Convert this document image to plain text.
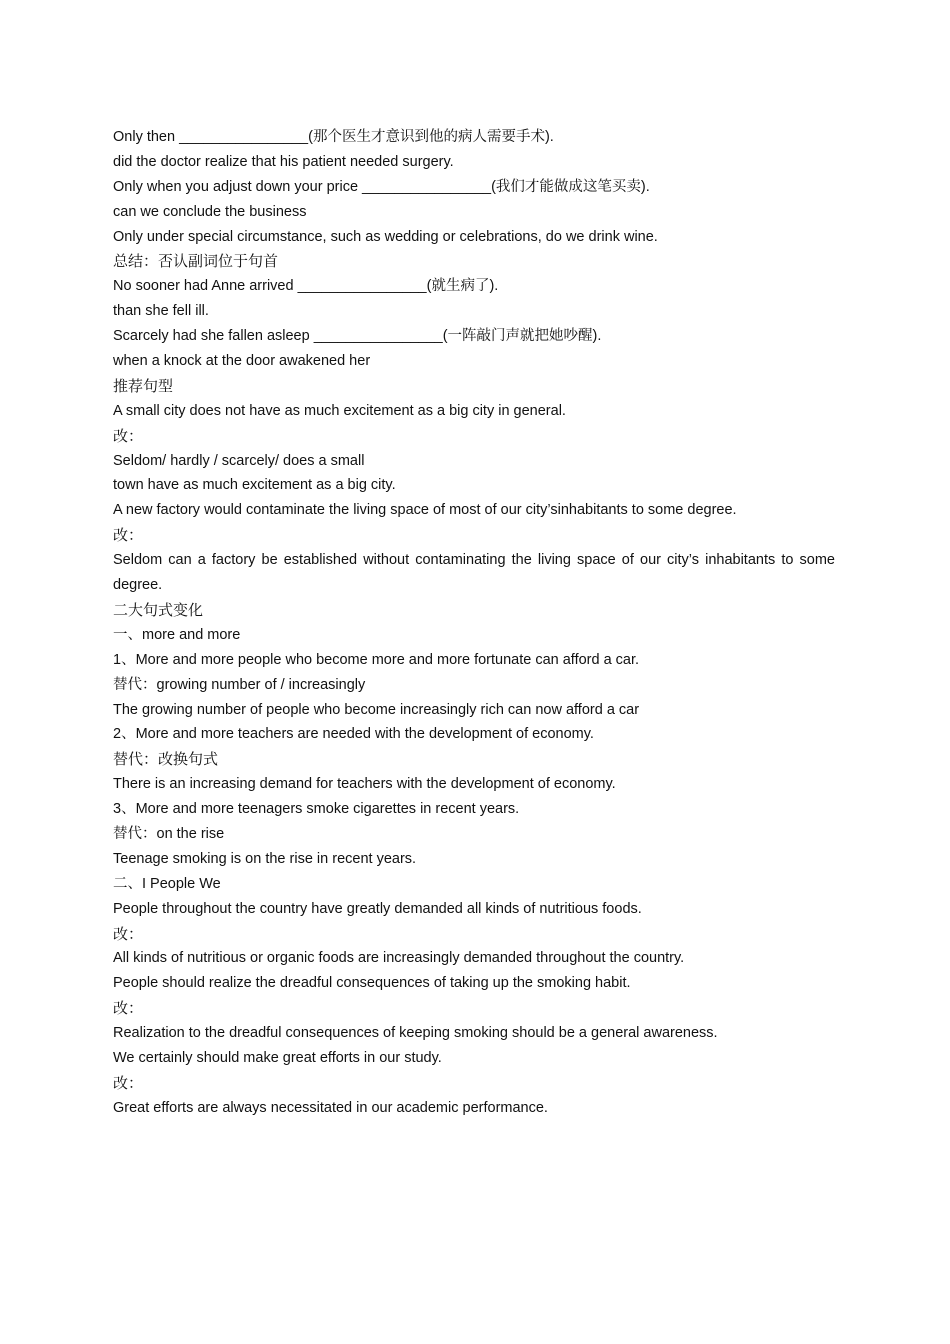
Only then ________________(那个医生才意识到他的病人需要手术).
did the doctor realize that his patient needed surgery.
Only when you adjust down your price ________________(我们才能做成这笔买卖).
can we conclude the business
Only under special circumstance, such as wedding or celebrations, do we drink wine.
总结：否认副词位于句首
No sooner had Anne arrived ________________(就生病了).
than she fell ill.
Scarcely had she fallen asleep ________________(一阵敲门声就把她吵醒).
when a knock at the door awakened her
推荐句型
A small city does not have as much excitement as a big city in general.
改：
Seldom/ hardly / scarcely/ does a small
town have as much excitement as a big city.
A new factory would contaminate the living space of most of our city’sinhabitants to some degree.
改：
Seldom can a factory be established without contaminating the living space of our city’s inhabitants to some degree.
二大句式变化
一、more and more
1、More and more people who become more and more fortunate can afford a car.
替代：growing number of / increasingly
The growing number of people who become increasingly rich can now afford a car
2、More and more teachers are needed with the development of economy.
替代：改换句式
There is an increasing demand for teachers with the development of economy.
3、More and more teenagers smoke cigarettes in recent years.
替代：on the rise
Teenage smoking is on the rise in recent years.
二、I People We
People throughout the country have greatly demanded all kinds of nutritious foods.
改：
All kinds of nutritious or organic foods are increasingly demanded throughout the country.
People should realize the dreadful consequences of taking up the smoking habit.
改：
Realization to the dreadful consequences of keeping smoking should be a general awareness.
We certainly should make great efforts in our study.
改：
Great efforts are always necessitated in our academic performance.
